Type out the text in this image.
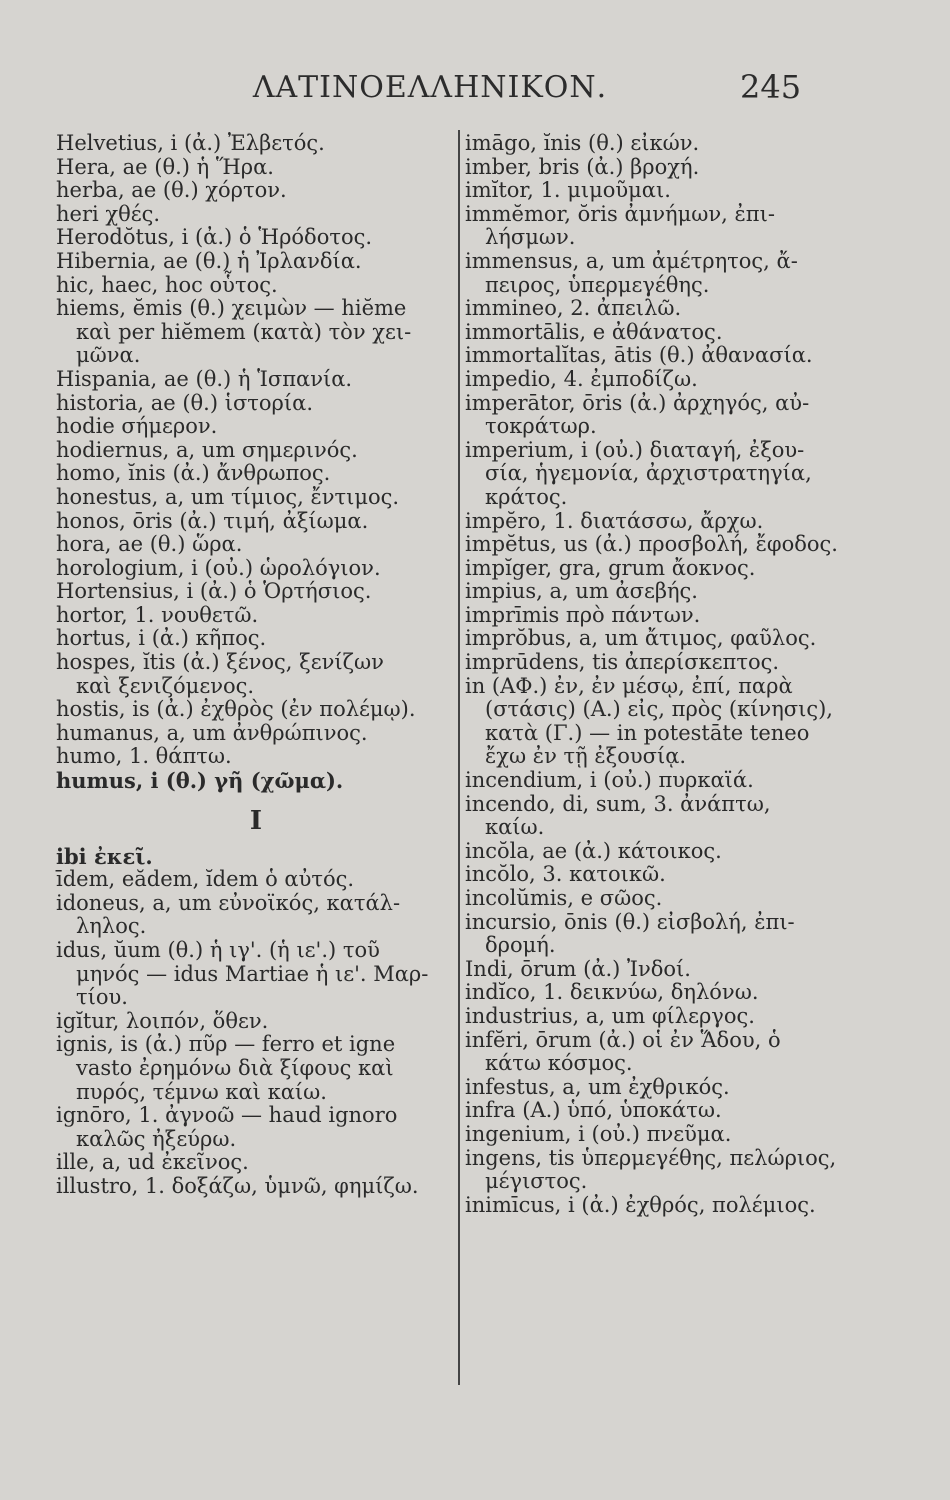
ΛΑΤΙΝΟΕΛΛΗΝΙΚΟΝ.	245
Helvetius, i (ἀ.) Ἐλβετός.
Hera, ae (θ.) ἡ Ἥρα.
herba, ae (θ.) χόρτον.
heri χθές.
Herodŏtus, i (ἀ.) ὁ Ἡρόδοτος.
Hibernia, ae (θ.) ἡ Ἰρλανδία.
hic, haec, hoc οὗτος.
hiems, ĕmis (θ.) χειμὼν — hiĕme
καὶ per hiĕmem (κατὰ) τὸν χει-
μῶνα.
Hispania, ae (θ.) ἡ Ἱσπανία.
historia, ae (θ.) ἱστορία.
hodie σήμερον.
hodiernus, a, um σημερινός.
homo, ĭnis (ἀ.) ἄνθρωπος.
honestus, a, um τίμιος, ἔντιμος.
honos, ōris (ἀ.) τιμή, ἀξίωμα.
hora, ae (θ.) ὥρα.
horologium, i (οὐ.) ὡρολόγιον.
Hortensius, i (ἀ.) ὁ Ὁρτήσιος.
hortor, 1. νουθετῶ.
hortus, i (ἀ.) κῆπος.
hospes, ĭtis (ἀ.) ξένος, ξενίζων
καὶ ξενιζόμενος.
hostis, is (ἀ.) ἐχθρὸς (ἐν πολέμῳ).
humanus, a, um ἀνθρώπινος.
humo, 1. θάπτω.
humus, i (θ.) γῆ (χῶμα).
I
ibi ἐκεῖ.
īdem, eădem, ĭdem ὁ αὐτός.
idoneus, a, um εὐνοϊκός, κατάλ-
ληλος.
idus, ŭum (θ.) ἡ ιγ'. (ἡ ιε'.) τοῦ
μηνός — idus Martiae ἡ ιε'. Μαρ-
τίου.
igĭtur, λοιπόν, ὅθεν.
ignis, is (ἀ.) πῦρ — ferro et igne
vasto ἐρημόνω διὰ ξίφους καὶ
πυρός, τέμνω καὶ καίω.
ignōro, 1. ἀγνοῶ — haud ignoro
καλῶς ἠξεύρω.
ille, a, ud ἐκεῖνος.
illustro, 1. δοξάζω, ὑμνῶ, φημίζω.
imāgo, ĭnis (θ.) εἰκών.
imber, bris (ἀ.) βροχή.
imĭtor, 1. μιμοῦμαι.
immĕmor, ŏris ἀμνήμων, ἐπι-
λήσμων.
immensus, a, um ἀμέτρητος, ἄ-
πειρος, ὑπερμεγέθης.
immineo, 2. ἀπειλῶ.
immortālis, e ἀθάνατος.
immortalĭtas, ātis (θ.) ἀθανασία.
impedio, 4. ἐμποδίζω.
imperātor, ōris (ἀ.) ἀρχηγός, αὐ-
τοκράτωρ.
imperium, i (οὐ.) διαταγή, ἐξου-
σία, ἡγεμονία, ἀρχιστρατηγία,
κράτος.
impĕro, 1. διατάσσω, ἄρχω.
impĕtus, us (ἀ.) προσβολή, ἔφοδος.
impĭger, gra, grum ἄοκνος.
impius, a, um ἀσεβής.
imprīmis πρὸ πάντων.
imprŏbus, a, um ἄτιμος, φαῦλος.
imprūdens, tis ἀπερίσκεπτος.
in (ΑΦ.) ἐν, ἐν μέσῳ, ἐπί, παρὰ
(στάσις) (Α.) εἰς, πρὸς (κίνησις),
κατὰ (Γ.) — in potestāte teneo
ἔχω ἐν τῇ ἐξουσίᾳ.
incendium, i (οὐ.) πυρκαϊά.
incendo, di, sum, 3. ἀνάπτω,
καίω.
incŏla, ae (ἀ.) κάτοικος.
incŏlo, 3. κατοικῶ.
incolŭmis, e σῶος.
incursio, ōnis (θ.) εἰσβολή, ἐπι-
δρομή.
Indi, ōrum (ἀ.) Ἰνδοί.
indĭco, 1. δεικνύω, δηλόνω.
industrius, a, um φίλεργος.
infĕri, ōrum (ἀ.) οἱ ἐν Ἅδου, ὁ
κάτω κόσμος.
infestus, a, um ἐχθρικός.
infra (Α.) ὑπό, ὑποκάτω.
ingenium, i (οὐ.) πνεῦμα.
ingens, tis ὑπερμεγέθης, πελώριος,
μέγιστος.
inimīcus, i (ἀ.) ἐχθρός, πολέμιος.
